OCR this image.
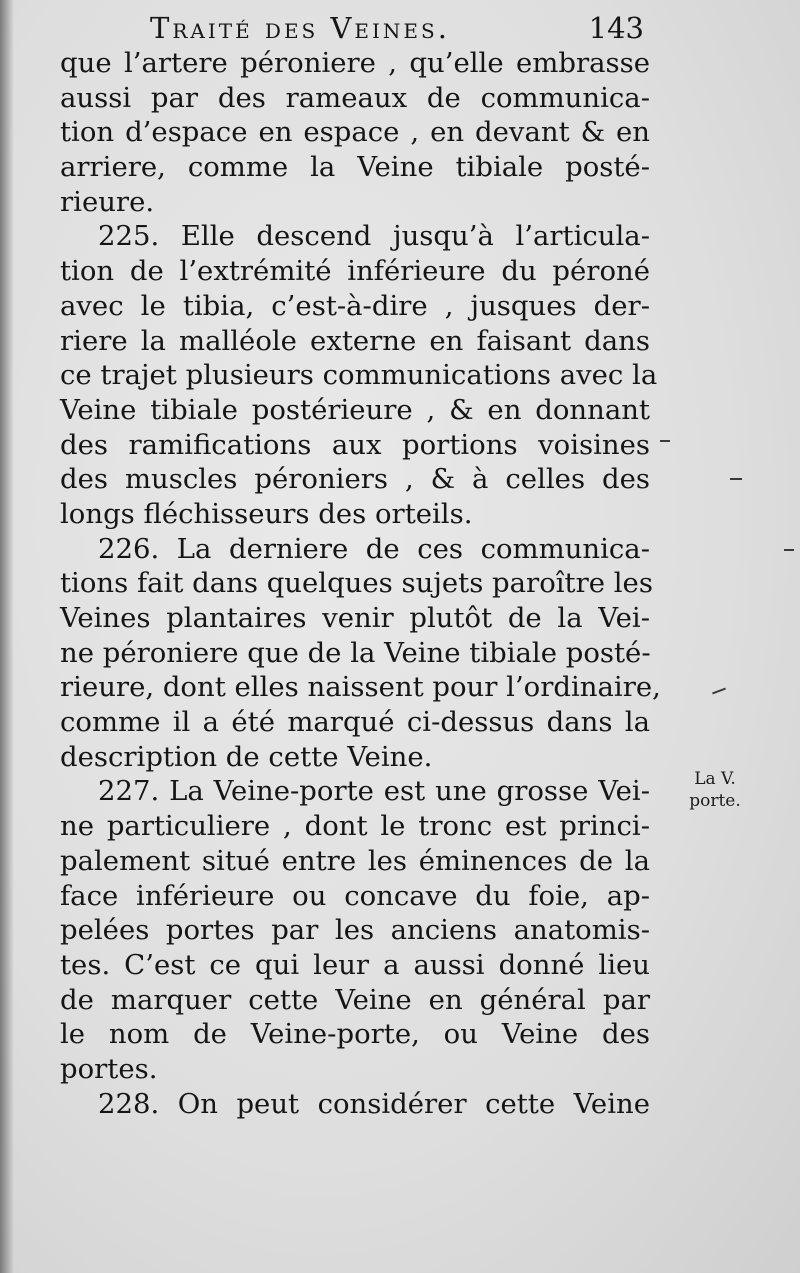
Traité des Veines.	143
que l’artere péroniere , qu’elle embrasse
aussi par des rameaux de communica-
tion d’espace en espace , en devant & en
arriere, comme la Veine tibiale posté-
rieure.
225. Elle descend jusqu’à l’articula-
tion de l’extrémité inférieure du péroné
avec le tibia, c’est-à-dire , jusques der-
riere la malléole externe en faisant dans
ce trajet plusieurs communications avec la
Veine tibiale postérieure , & en donnant
des ramifications aux portions voisines
des muscles péroniers , & à celles des
longs fléchisseurs des orteils.
226. La derniere de ces communica-
tions fait dans quelques sujets paroître les
Veines plantaires venir plutôt de la Vei-
ne péroniere que de la Veine tibiale posté-
rieure, dont elles naissent pour l’ordinaire,
comme il a été marqué ci-dessus dans la
description de cette Veine.
227. La Veine-porte est une grosse Vei-
ne particuliere , dont le tronc est princi-
palement situé entre les éminences de la
face inférieure ou concave du foie, ap-
pelées portes par les anciens anatomis-
tes. C’est ce qui leur a aussi donné lieu
de marquer cette Veine en général par
le nom de Veine-porte, ou Veine des
portes.
228. On peut considérer cette Veine
La V.
porte.
